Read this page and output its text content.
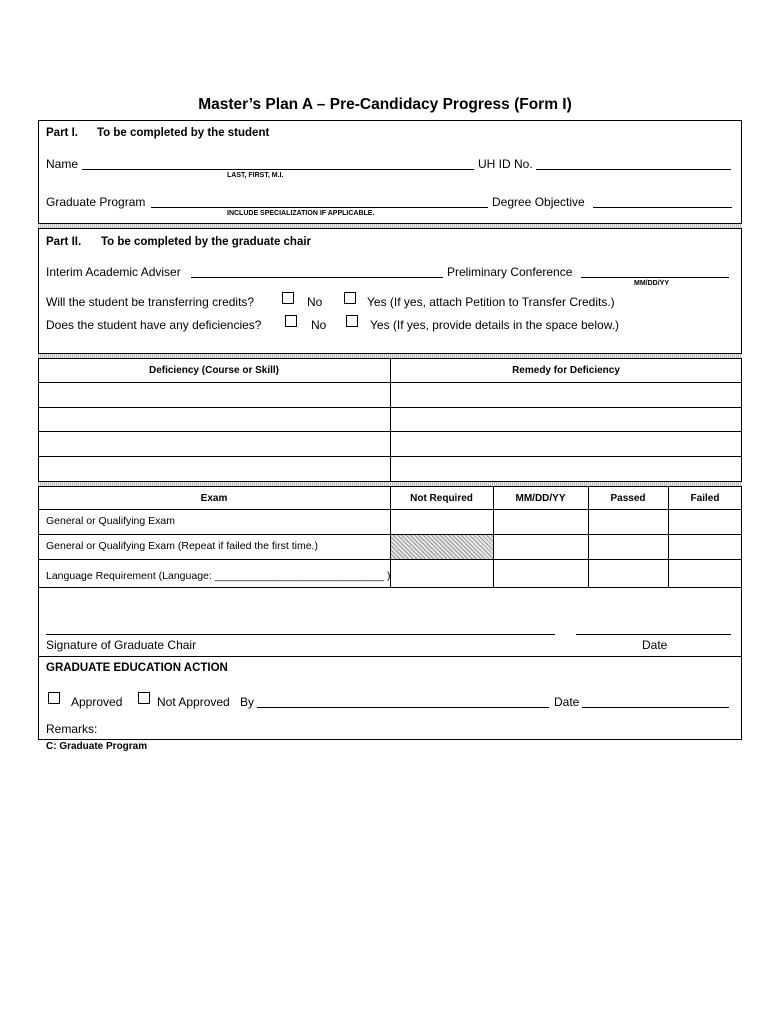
Master’s Plan A – Pre-Candidacy Progress (Form I)
Part I. To be completed by the student
Name
LAST, FIRST, M.I.
UH ID No.
Graduate Program
INCLUDE SPECIALIZATION IF APPLICABLE.
Degree Objective
Part II. To be completed by the graduate chair
Interim Academic Adviser	Preliminary Conference
MM/DD/YY
Will the student be transferring credits?	No	Yes (If yes, attach Petition to Transfer Credits.)
Does the student have any deficiencies?	No	Yes (If yes, provide details in the space below.)
Deficiency (Course or Skill)	Remedy for Deficiency
Exam	Not Required	MM/DD/YY	Passed	Failed
General or Qualifying Exam
General or Qualifying Exam (Repeat if failed the first time.)
Language Requirement (Language: _____________________________ )
Signature of Graduate Chair	Date
GRADUATE EDUCATION ACTION
Approved	Not Approved By	Date
Remarks:
C: Graduate Program
